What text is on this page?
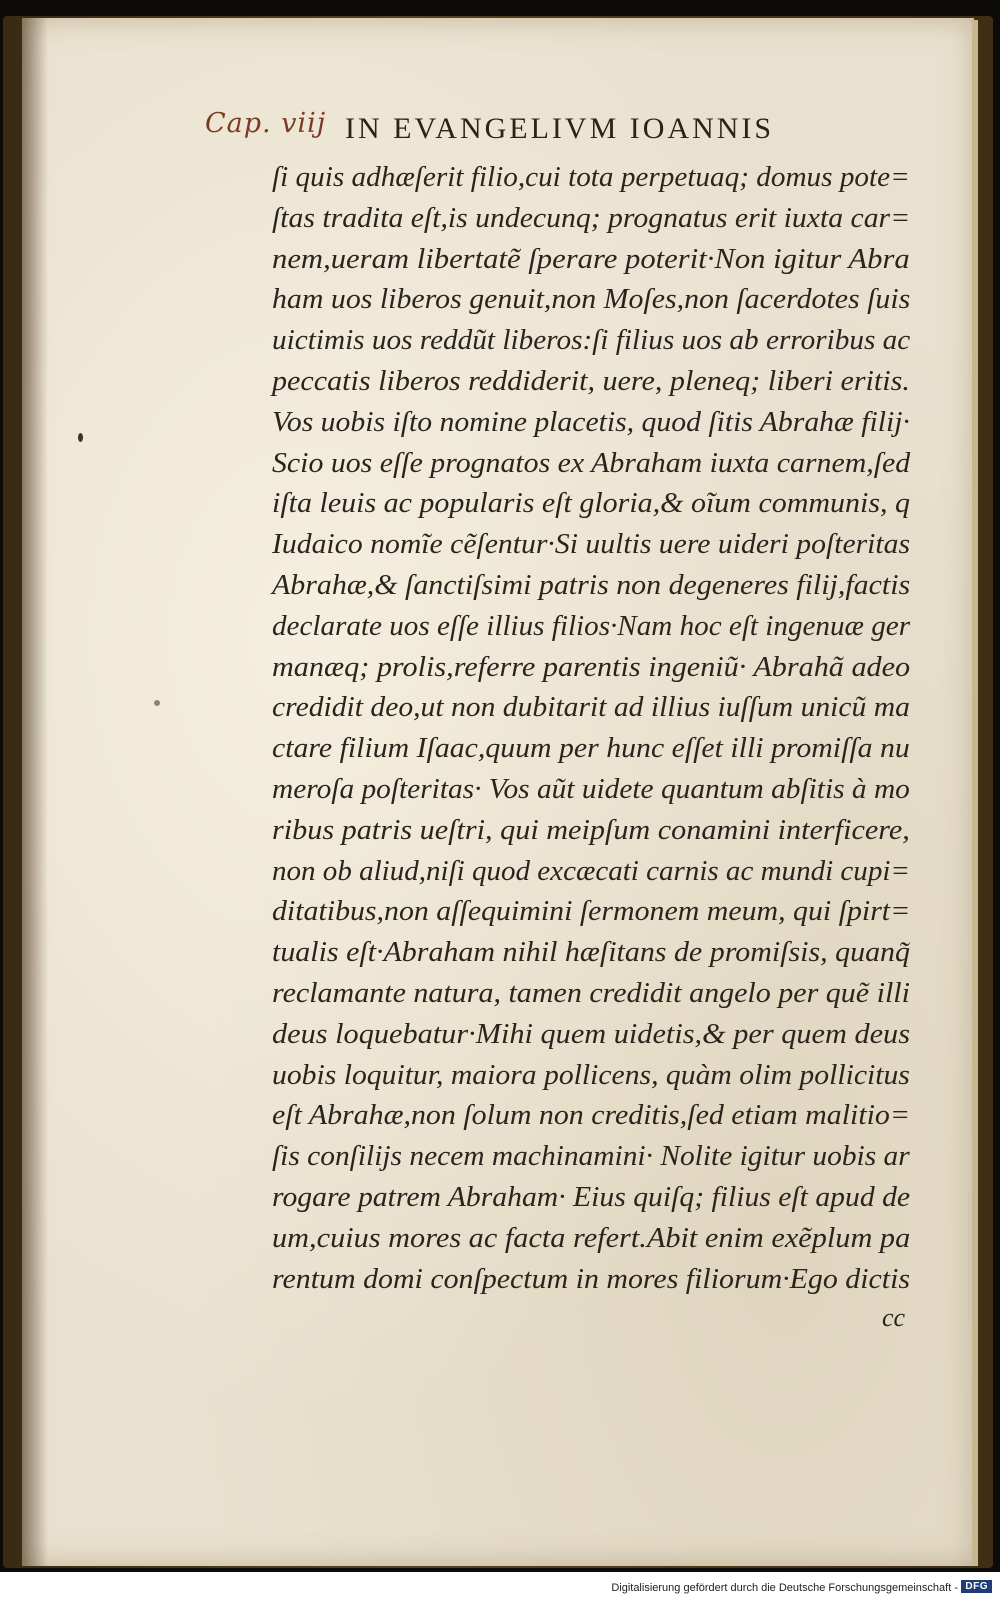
Cap. viij IN EVANGELIVM IOANNIS
ſi quis adhæſerit filio,cui tota perpetuaq; domus pote=
ſtas tradita eſt,is undecunq; prognatus erit iuxta car=
nem,ueram libertatẽ ſperare poterit·Non igitur Abra
ham uos liberos genuit,non Moſes,non ſacerdotes ſuis
uictimis uos reddũt liberos:ſi filius uos ab erroribus ac
peccatis liberos reddiderit, uere, pleneq; liberi eritis.
Vos uobis iſto nomine placetis, quod ſitis Abrahæ filij·
Scio uos eſſe prognatos ex Abraham iuxta carnem,ſed
iſta leuis ac popularis eſt gloria,& oĩum communis, q
Iudaico nomĩe cẽſentur·Si uultis uere uideri poſteritas
Abrahæ,& ſanctiſsimi patris non degeneres filij,factis
declarate uos eſſe illius filios·Nam hoc eſt ingenuæ ger
manæq; prolis,referre parentis ingeniũ· Abrahã adeo
credidit deo,ut non dubitarit ad illius iuſſum unicũ ma
ctare filium Iſaac,quum per hunc eſſet illi promiſſa nu
meroſa poſteritas· Vos aũt uidete quantum abſitis à mo
ribus patris ueſtri, qui meipſum conamini interficere,
non ob aliud,niſi quod excæcati carnis ac mundi cupi=
ditatibus,non aſſequimini ſermonem meum, qui ſpirt=
tualis eſt·Abraham nihil hæſitans de promiſsis, quanq̃
reclamante natura, tamen credidit angelo per quẽ illi
deus loquebatur·Mihi quem uidetis,& per quem deus
uobis loquitur, maiora pollicens, quàm olim pollicitus
eſt Abrahæ,non ſolum non creditis,ſed etiam malitio=
ſis conſilijs necem machinamini· Nolite igitur uobis ar
rogare patrem Abraham· Eius quiſq; filius eſt apud de
um,cuius mores ac facta refert.Abit enim exẽplum pa
rentum domi conſpectum in mores filiorum·Ego dictis
cc
Digitalisierung gefördert durch die Deutsche Forschungsgemeinschaft - DFG
